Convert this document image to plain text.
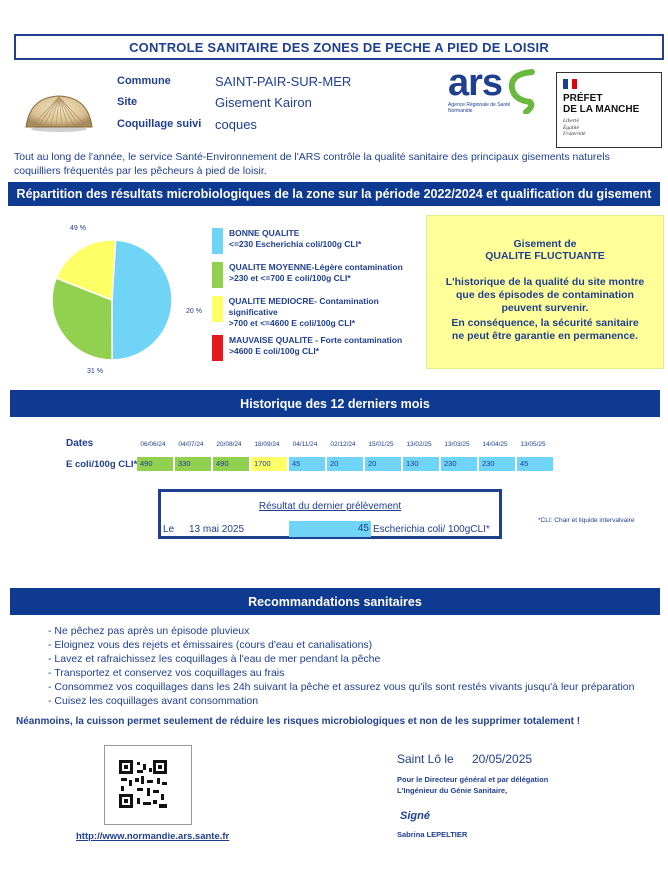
CONTROLE SANITAIRE DES ZONES DE PECHE A PIED DE LOISIR
Commune	SAINT-PAIR-SUR-MER
Site	Gisement Kairon
Coquillage suivi coques
ars
Agence Régionale de Santé
Normandie
PRÉFET
DE LA MANCHE
Liberté
Égalité
Fraternité
Tout au long de l'année, le service Santé-Environnement de l'ARS contrôle la qualité sanitaire des principaux gisements naturels coquilliers fréquentés par les pêcheurs à pied de loisir.
Répartition des résultats microbiologiques de la zone sur la période 2022/2024 et qualification du gisement
49 %
31 %
20 %
BONNE QUALITE
<=230 Escherichia coli/100g CLI*
QUALITE MOYENNE-Légère contamination
>230 et <=700 E coli/100g CLI*
QUALITE MEDIOCRE- Contamination significative
>700 et <=4600 E coli/100g CLI*
MAUVAISE QUALITE - Forte contamination
>4600 E coli/100g CLI*
Gisement de
QUALITE FLUCTUANTE
L'historique de la qualité du site montre que des épisodes de contamination peuvent survenir.
En conséquence, la sécurité sanitaire ne peut être garantie en permanence.
Historique des 12 derniers mois
Dates
E coli/100g CLI*
06/06/24	04/07/24	20/08/24	18/09/24	04/11/24	02/12/24	15/01/25	13/02/25	13/03/25	14/04/25	13/05/25
490	330	490	1700	45	20	20	130	230	230	45
Résultat du dernier prélèvement
Le 13 mai 2025	45 Escherichia coli/ 100gCLI*
*CLI: Chair et liquide intervalvaire
Recommandations sanitaires
- Ne pêchez pas après un épisode pluvieux
- Eloignez vous des rejets et émissaires (cours d'eau et canalisations)
- Lavez et rafraichissez les coquillages à l'eau de mer pendant la pêche
- Transportez et conservez vos coquillages au frais
- Consommez vos coquillages dans les 24h suivant la pêche et assurez vous qu'ils sont restés vivants jusqu'à leur préparation
- Cuisez les coquillages avant consommation
Néanmoins, la cuisson permet seulement de réduire les risques microbiologiques et non de les supprimer totalement !
http://www.normandie.ars.sante.fr
Saint Lô le 20/05/2025
Pour le Directeur général et par délégation
L'Ingénieur du Génie Sanitaire,
Signé
Sabrina LEPELTIER
